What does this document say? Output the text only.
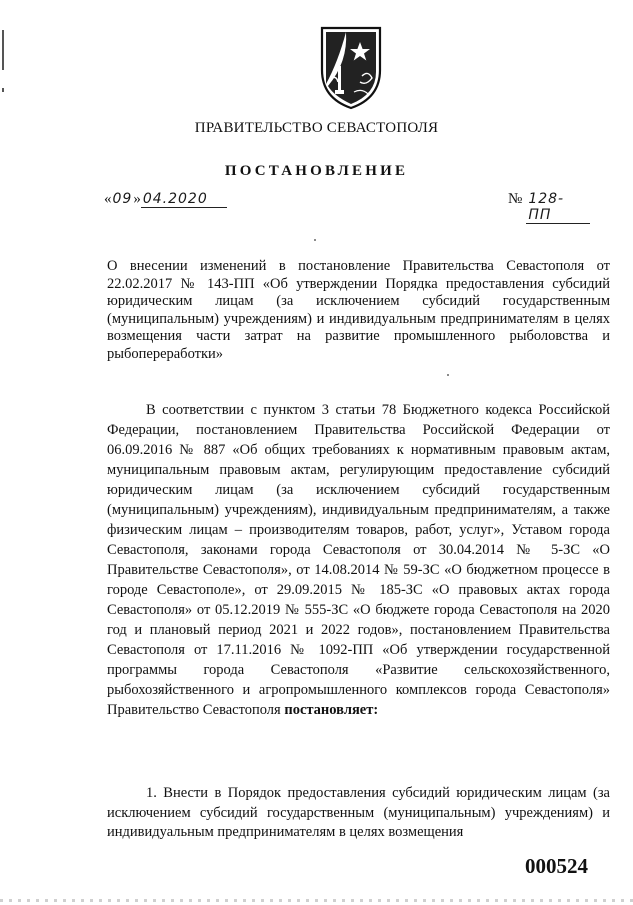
ПРАВИТЕЛЬСТВО СЕВАСТОПОЛЯ
ПОСТАНОВЛЕНИЕ
« 09 » 04.2020	№ 128-ПП
О внесении изменений в постановление Правительства Севастополя от 22.02.2017 № 143-ПП «Об утверждении Порядка предоставления субсидий юридическим лицам (за исключением субсидий государственным (муниципальным) учреждениям) и индивидуальным предпринимателям в целях возмещения части затрат на развитие промышленного рыболовства и рыбопереработки»
В соответствии с пунктом 3 статьи 78 Бюджетного кодекса Российской Федерации, постановлением Правительства Российской Федерации от 06.09.2016 № 887 «Об общих требованиях к нормативным правовым актам, муниципальным правовым актам, регулирующим предоставление субсидий юридическим лицам (за исключением субсидий государственным (муниципальным) учреждениям), индивидуальным предпринимателям, а также физическим лицам – производителям товаров, работ, услуг», Уставом города Севастополя, законами города Севастополя от 30.04.2014 № 5-ЗС «О Правительстве Севастополя», от 14.08.2014 № 59-ЗС «О бюджетном процессе в городе Севастополе», от 29.09.2015 № 185-ЗС «О правовых актах города Севастополя» от 05.12.2019 № 555-ЗС «О бюджете города Севастополя на 2020 год и плановый период 2021 и 2022 годов», постановлением Правительства Севастополя от 17.11.2016 № 1092-ПП «Об утверждении государственной программы города Севастополя «Развитие сельскохозяйственного, рыбохозяйственного и агропромышленного комплексов города Севастополя» Правительство Севастополя постановляет:
1. Внести в Порядок предоставления субсидий юридическим лицам (за исключением субсидий государственным (муниципальным) учреждениям) и индивидуальным предпринимателям в целях возмещения
000524
